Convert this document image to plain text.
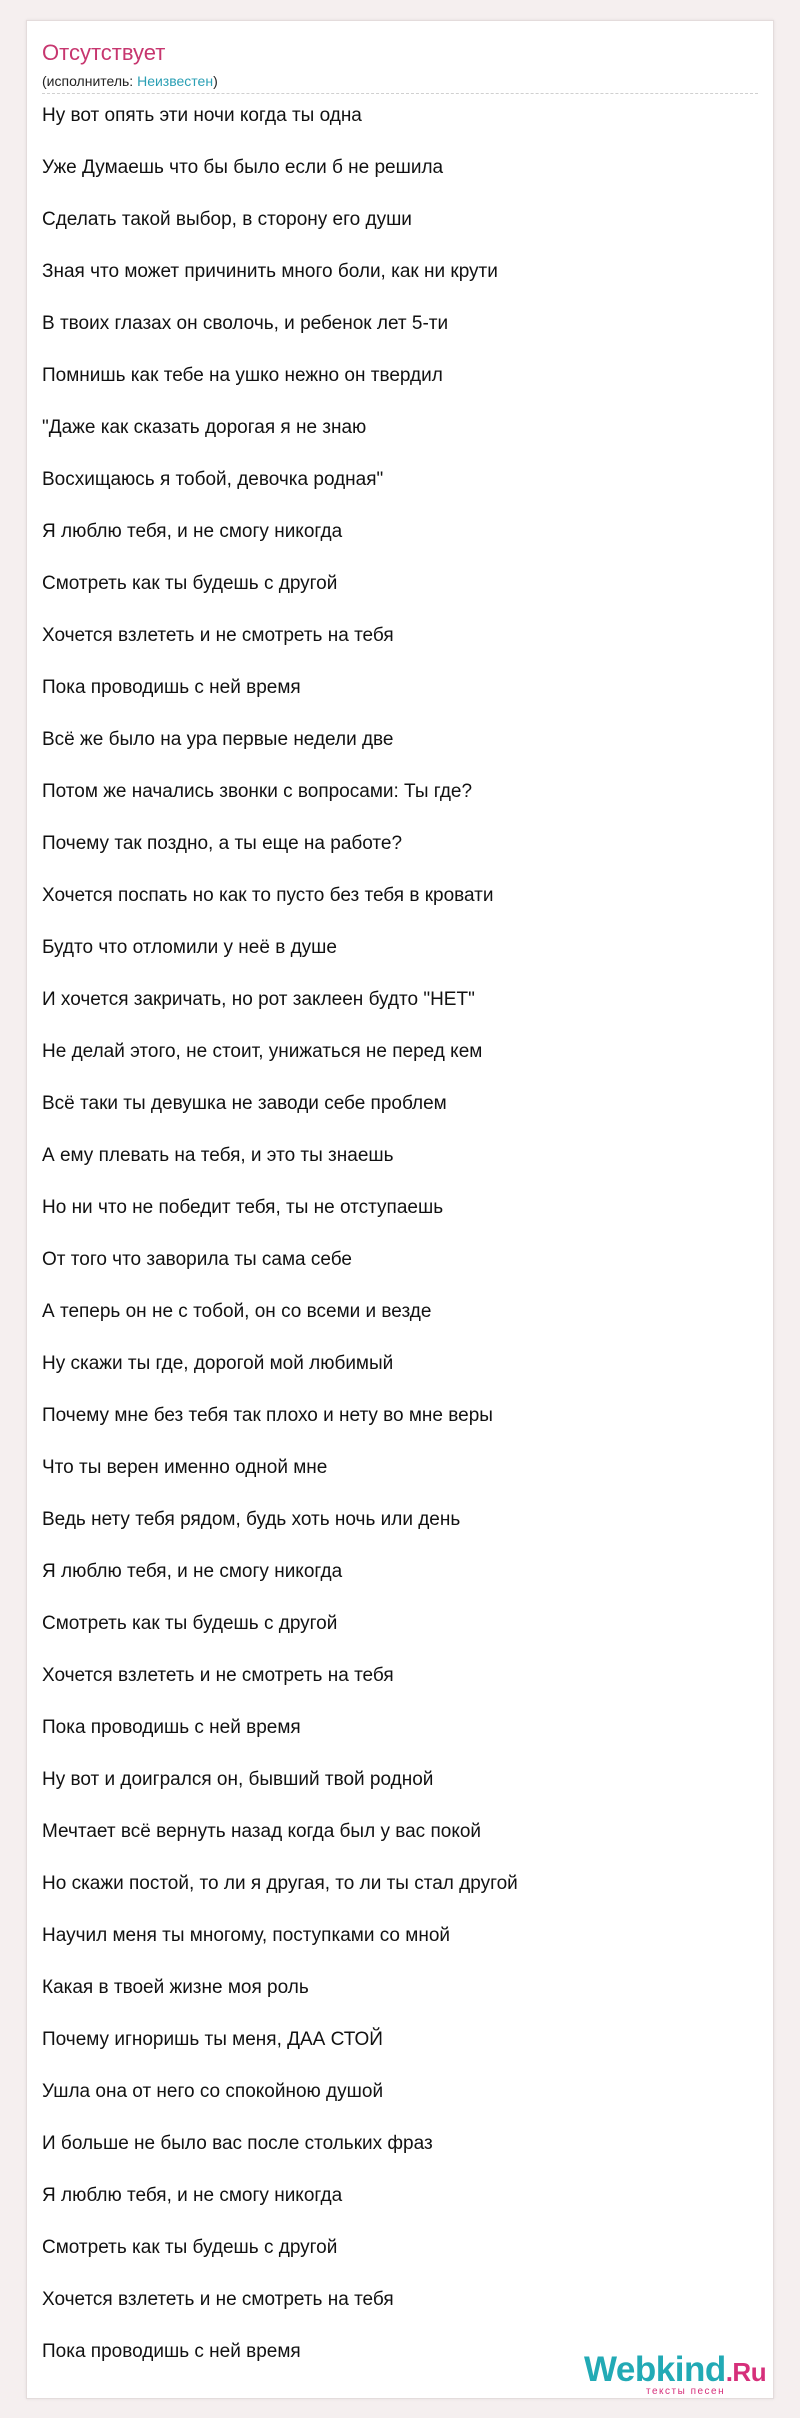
Отсутствует
(исполнитель: Неизвестен)
Ну вот опять эти ночи когда ты одна
Уже Думаешь что бы было если б не решила
Сделать такой выбор, в сторону его души
Зная что может причинить много боли, как ни крути
В твоих глазах он сволочь, и ребенок лет 5-ти
Помнишь как тебе на ушко нежно он твердил
"Даже как сказать дорогая я не знаю
Восхищаюсь я тобой, девочка родная"
Я люблю тебя, и не смогу никогда
Смотреть как ты будешь с другой
Хочется взлететь и не смотреть на тебя
Пока проводишь с ней время
Всё же было на ура первые недели две
Потом же начались звонки с вопросами: Ты где?
Почему так поздно, а ты еще на работе?
Хочется поспать но как то пусто без тебя в кровати
Будто что отломили у неё в душе
И хочется закричать, но рот заклеен будто "НЕТ"
Не делай этого, не стоит, унижаться не перед кем
Всё таки ты девушка не заводи себе проблем
А ему плевать на тебя, и это ты знаешь
Но ни что не победит тебя, ты не отступаешь
От того что заворила ты сама себе
А теперь он не с тобой, он со всеми и везде
Ну скажи ты где, дорогой мой любимый
Почему мне без тебя так плохо и нету во мне веры
Что ты верен именно одной мне
Ведь нету тебя рядом, будь хоть ночь или день
Я люблю тебя, и не смогу никогда
Смотреть как ты будешь с другой
Хочется взлететь и не смотреть на тебя
Пока проводишь с ней время
Ну вот и доигрался он, бывший твой родной
Мечтает всё вернуть назад когда был у вас покой
Но скажи постой, то ли я другая, то ли ты стал другой
Научил меня ты многому, поступками со мной
Какая в твоей жизне моя роль
Почему игноришь ты меня, ДАА СТОЙ
Ушла она от него со спокойною душой
И больше не было вас после стольких фраз
Я люблю тебя, и не смогу никогда
Смотреть как ты будешь с другой
Хочется взлететь и не смотреть на тебя
Пока проводишь с ней время	Webkind.Ru
тексты песен
